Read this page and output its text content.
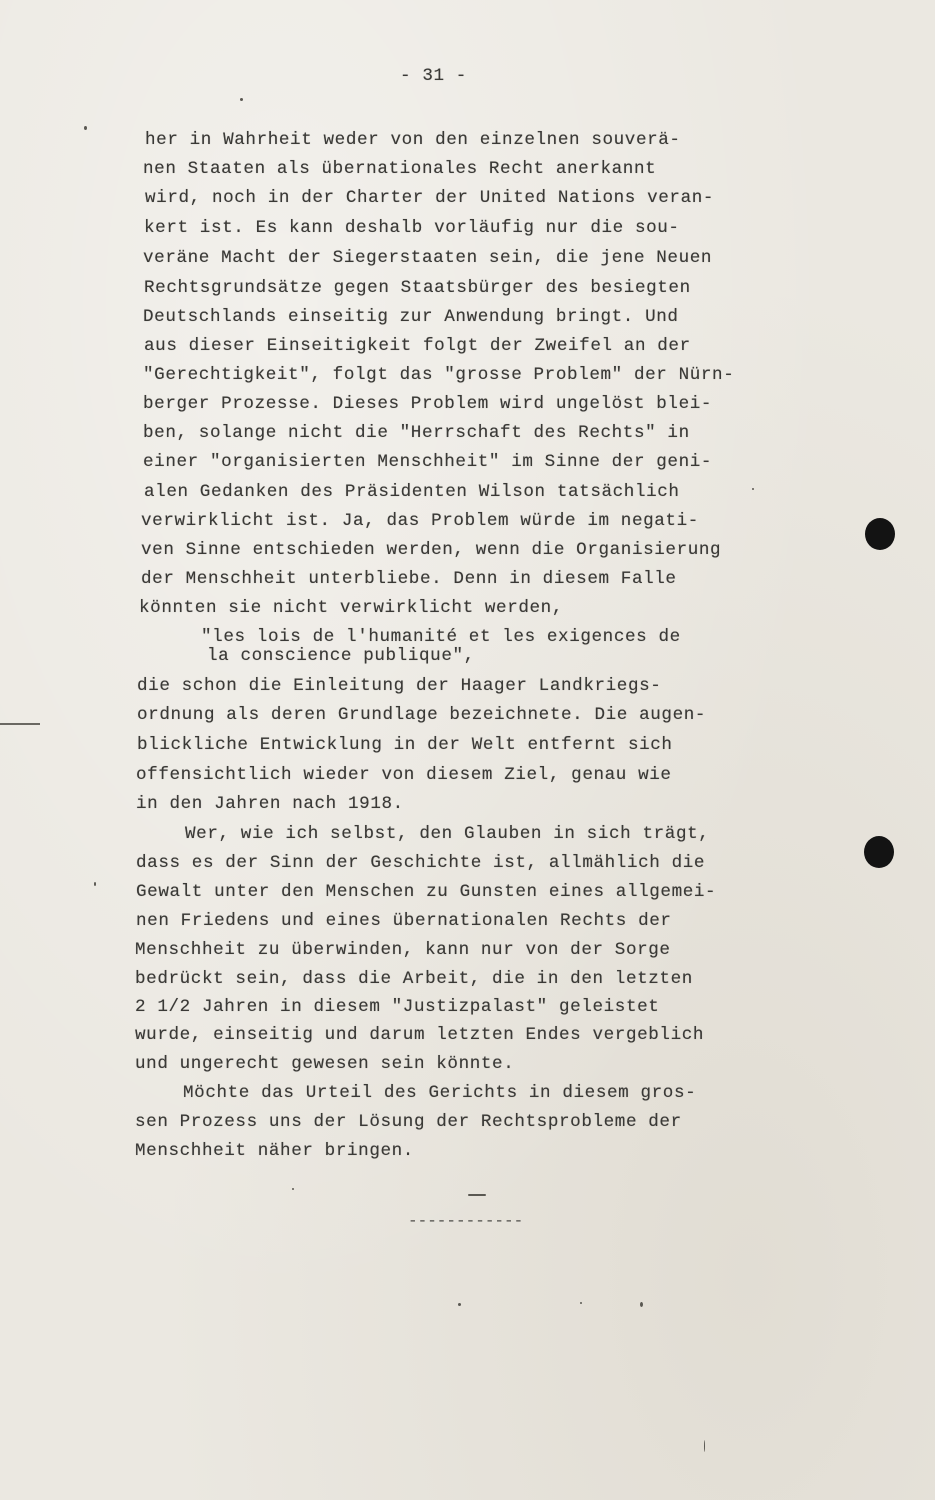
- 31 -
her in Wahrheit weder von den einzelnen souverä-
nen Staaten als übernationales Recht anerkannt
wird, noch in der Charter der United Nations veran-
kert ist. Es kann deshalb vorläufig nur die sou-
veräne Macht der Siegerstaaten sein, die jene Neuen
Rechtsgrundsätze gegen Staatsbürger des besiegten
Deutschlands einseitig zur Anwendung bringt. Und
aus dieser Einseitigkeit folgt der Zweifel an der
"Gerechtigkeit", folgt das "grosse Problem" der Nürn-
berger Prozesse. Dieses Problem wird ungelöst blei-
ben, solange nicht die "Herrschaft des Rechts" in
einer "organisierten Menschheit" im Sinne der geni-
alen Gedanken des Präsidenten Wilson tatsächlich
verwirklicht ist. Ja, das Problem würde im negati-
ven Sinne entschieden werden, wenn die Organisierung
der Menschheit unterbliebe. Denn in diesem Falle
könnten sie nicht verwirklicht werden,
"les lois de l'humanité et les exigences de
la conscience publique",
die schon die Einleitung der Haager Landkriegs-
ordnung als deren Grundlage bezeichnete. Die augen-
blickliche Entwicklung in der Welt entfernt sich
offensichtlich wieder von diesem Ziel, genau wie
in den Jahren nach 1918.
Wer, wie ich selbst, den Glauben in sich trägt,
dass es der Sinn der Geschichte ist, allmählich die
Gewalt unter den Menschen zu Gunsten eines allgemei-
nen Friedens und eines übernationalen Rechts der
Menschheit zu überwinden, kann nur von der Sorge
bedrückt sein, dass die Arbeit, die in den letzten
2 1/2 Jahren in diesem "Justizpalast" geleistet
wurde, einseitig und darum letzten Endes vergeblich
und ungerecht gewesen sein könnte.
Möchte das Urteil des Gerichts in diesem gros-
sen Prozess uns der Lösung der Rechtsprobleme der
Menschheit näher bringen.
------------
